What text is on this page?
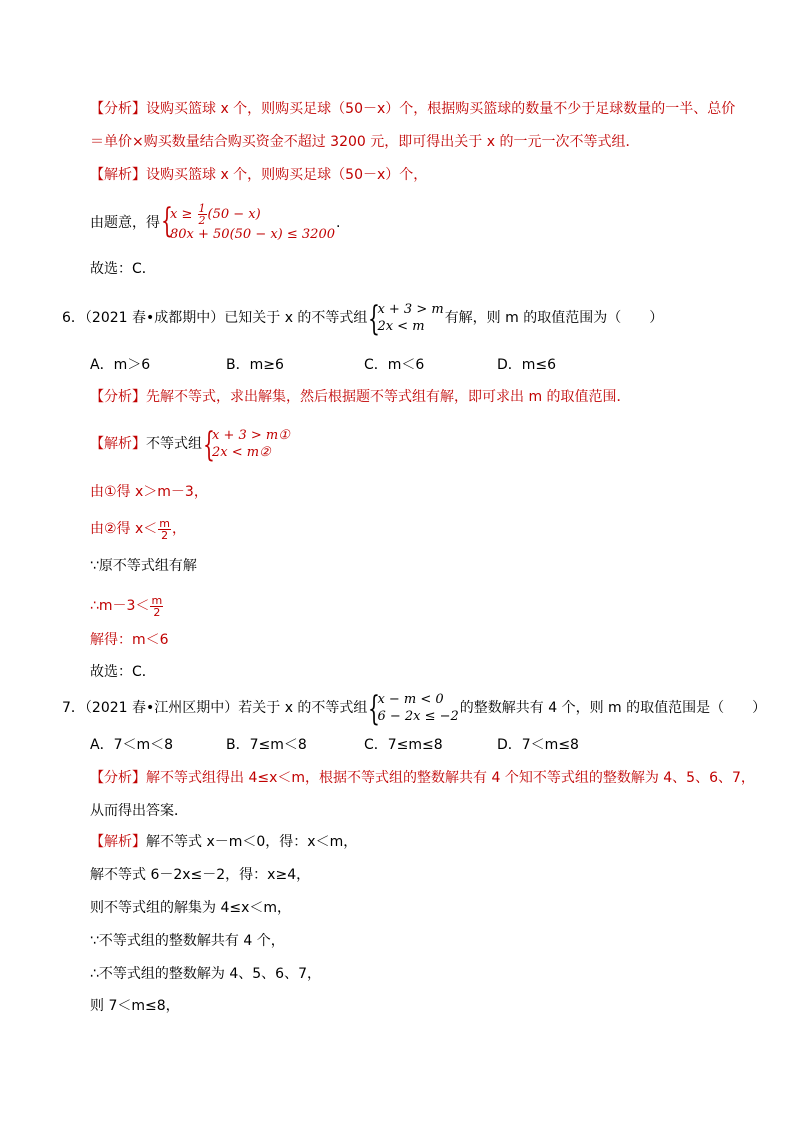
【分析】设购买篮球 x 个，则购买足球（50－x）个，根据购买篮球的数量不少于足球数量的一半、总价
＝单价×购买数量结合购买资金不超过 3200 元，即可得出关于 x 的一元一次不等式组．
【解析】设购买篮球 x 个，则购买足球（50－x）个，
由题意，得 {
$x \ge \frac{1}{2} (50 - x)$
80x + 50(50 − x) ≤ 3200
.
故选：C．
6．（2021 春•成都期中）已知关于 x 的不等式组 {
x + 3 > m
2x < m
有解，则 m 的取值范围为（　　）
A．m＞6	B．m≥6	C．m＜6	D．m≤6
【分析】先解不等式，求出解集，然后根据题不等式组有解，即可求出 m 的取值范围．
【解析】不等式组 {
x + 3 > m①
2x < m②
由①得 x＞m－3，
由②得 $x< \frac{m}{2}$ ，
∵原不等式组有解
∴m－3＜ $\frac{m}{2}$
解得：m＜6
故选：C．
7．（2021 春•江州区期中）若关于 x 的不等式组 {
x − m < 0
6 − 2x ≤ −2
的整数解共有 4 个，则 m 的取值范围是（　　）
A．7＜m＜8	B．7≤m＜8	C．7≤m≤8	D．7＜m≤8
【分析】解不等式组得出 4≤x＜m，根据不等式组的整数解共有 4 个知不等式组的整数解为 4、5、6、7，
从而得出答案．
【解析】解不等式 x－m＜0，得：x＜m，
解不等式 6－2x≤－2，得：x≥4，
则不等式组的解集为 4≤x＜m，
∵不等式组的整数解共有 4 个，
∴不等式组的整数解为 4、5、6、7，
则 7＜m≤8，
